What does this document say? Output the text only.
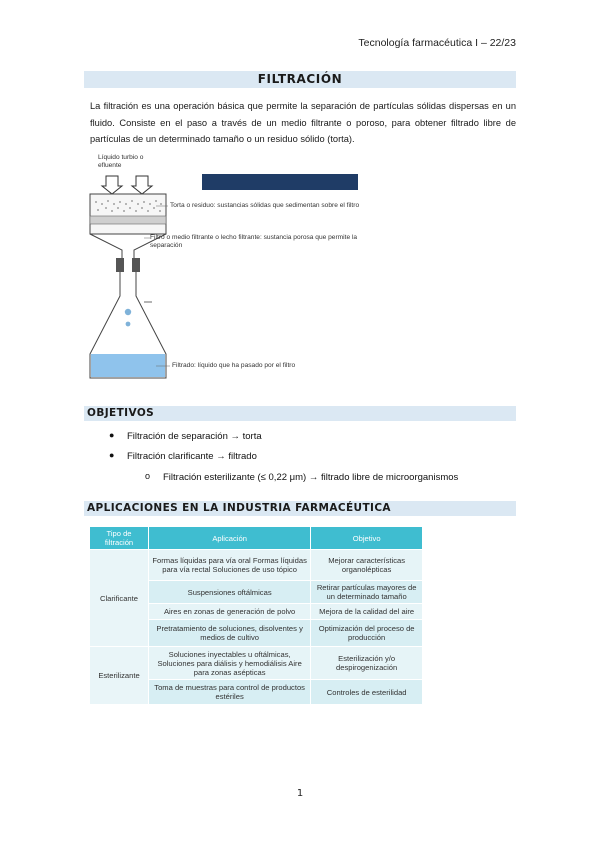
Tecnología farmacéutica I – 22/23
FILTRACIÓN
La filtración es una operación básica que permite la separación de partículas sólidas dispersas en un fluido. Consiste en el paso a través de un medio filtrante o poroso, para obtener filtrado libre de partículas de un determinado tamaño o un residuo sólido (torta).
Líquido turbio o efluente
Torta o residuo: sustancias sólidas que sedimentan sobre el filtro
Filtro o medio filtrante o lecho filtrante: sustancia porosa que permite la separación
Filtrado: líquido que ha pasado por el filtro
OBJETIVOS
● Filtración de separación → torta
● Filtración clarificante → filtrado
o Filtración esterilizante (≤ 0,22 μm) → filtrado libre de microorganismos
APLICACIONES EN LA INDUSTRIA FARMACÉUTICA
Tipo de filtración	Aplicación	Objetivo
Clarificante	Formas líquidas para vía oral Formas líquidas para vía rectal Soluciones de uso tópico	Mejorar características organolépticas
	Suspensiones oftálmicas	Retirar partículas mayores de un determinado tamaño
	Aires en zonas de generación de polvo	Mejora de la calidad del aire
	Pretratamiento de soluciones, disolventes y medios de cultivo	Optimización del proceso de producción
Esterilizante	Soluciones inyectables u oftálmicas, Soluciones para diálisis y hemodiálisis Aire para zonas asépticas	Esterilización y/o despirogenización
	Toma de muestras para control de productos estériles	Controles de esterilidad
1
